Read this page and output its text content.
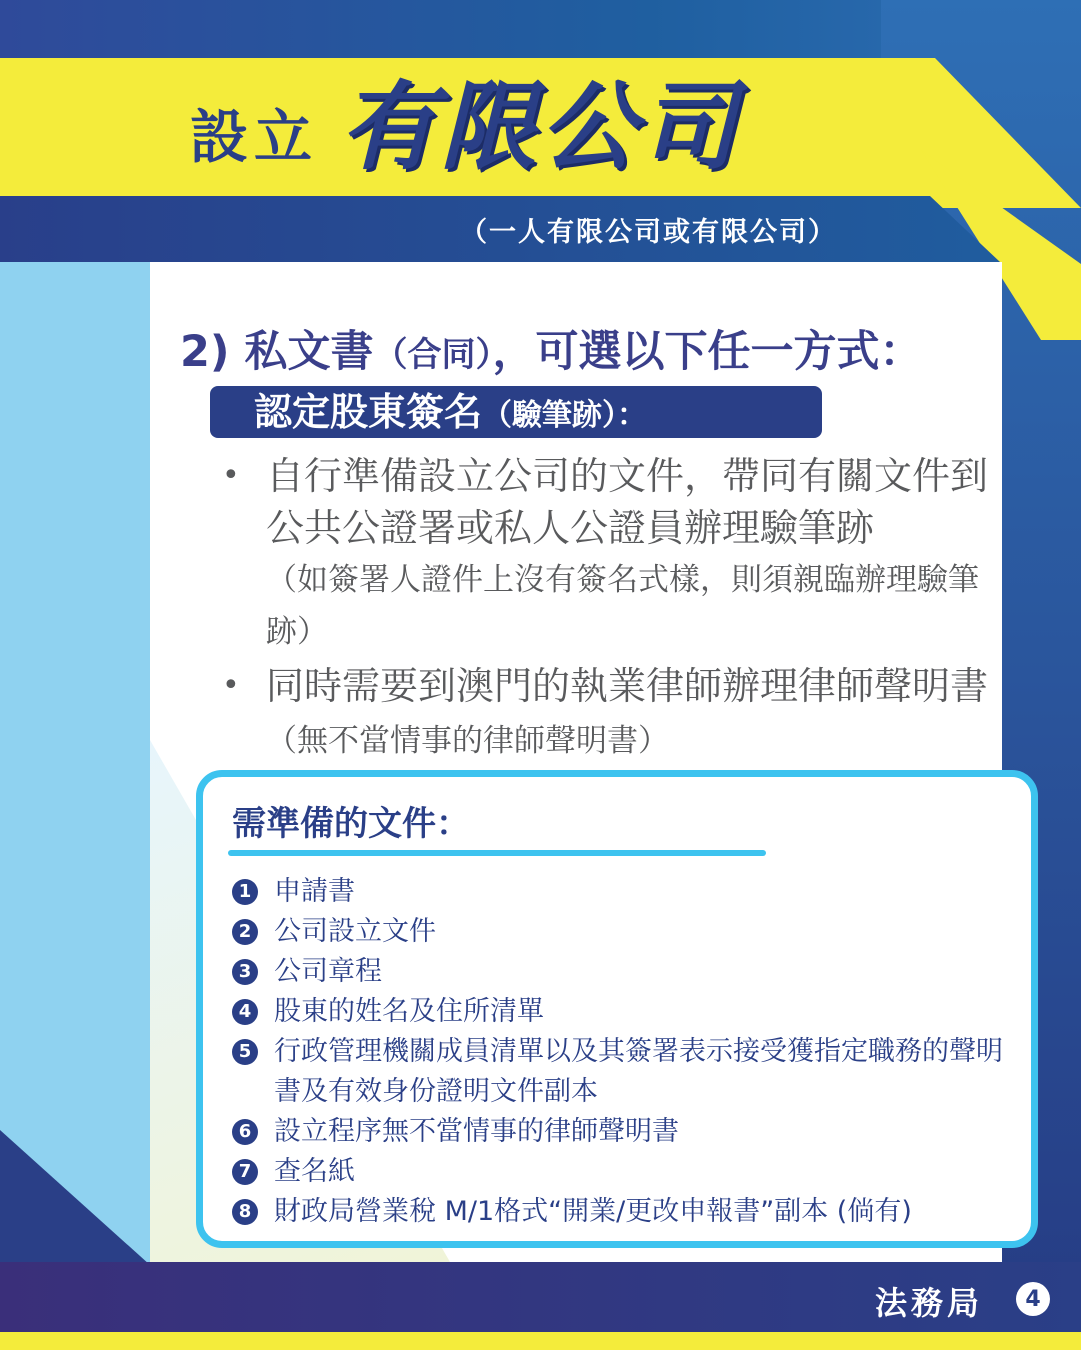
設立 有限公司
（一人有限公司或有限公司）
2) 私文書（合同），可選以下任一方式：
認定股東簽名（驗筆跡）：
• 自行準備設立公司的文件，帶同有關文件到公共公證署或私人公證員辦理驗筆跡
（如簽署人證件上沒有簽名式樣，則須親臨辦理驗筆跡）
• 同時需要到澳門的執業律師辦理律師聲明書（無不當情事的律師聲明書）
需準備的文件：
1 申請書
2 公司設立文件
3 公司章程
4 股東的姓名及住所清單
5 行政管理機關成員清單以及其簽署表示接受獲指定職務的聲明書及有效身份證明文件副本
6 設立程序無不當情事的律師聲明書
7 查名紙
8 財政局營業稅 M/1格式“開業/更改申報書”副本 (倘有)
法務局	4
